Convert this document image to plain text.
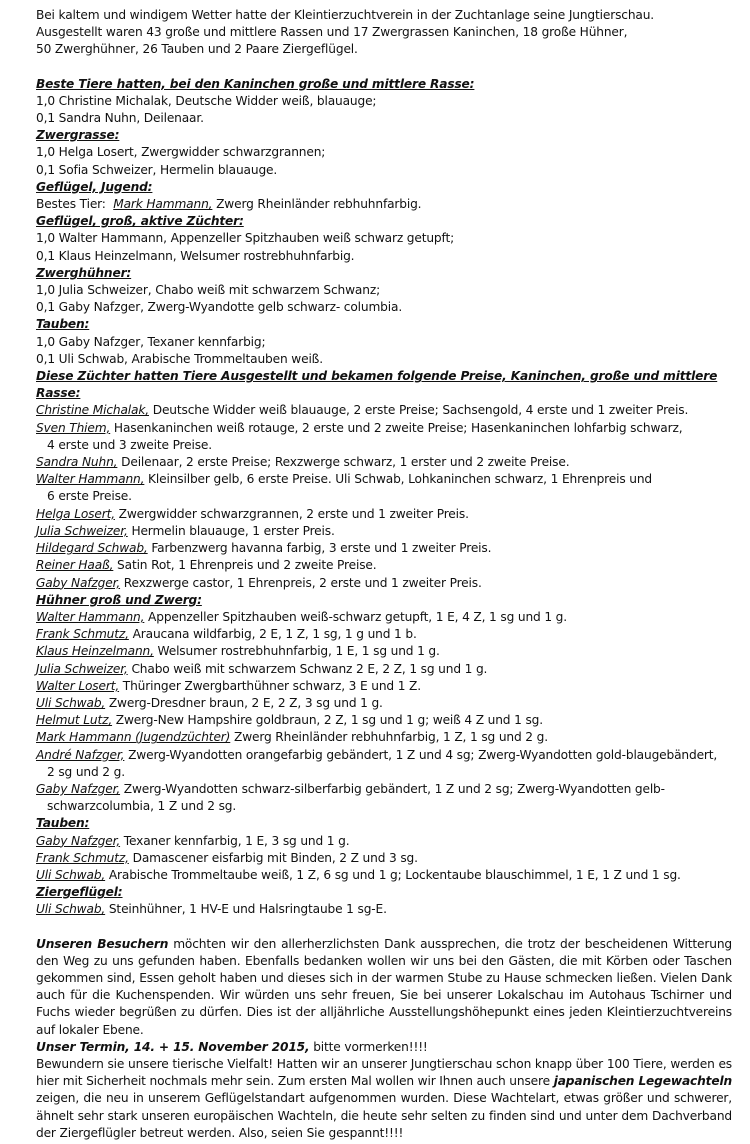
Bei kaltem und windigem Wetter hatte der Kleintierzuchtverein in der Zuchtanlage seine Jungtierschau.

Ausgestellt waren 43 große und mittlere Rassen und 17 Zwergrassen Kaninchen, 18 große Hühner,

50 Zwerghühner, 26 Tauben und 2 Paare Ziergeflügel.

Beste Tiere hatten, bei den Kaninchen große und mittlere Rasse:

1,0 Christine Michalak, Deutsche Widder weiß, blauauge;

0,1 Sandra Nuhn, Deilenaar.

Zwergrasse:

1,0 Helga Losert, Zwergwidder schwarzgrannen;

0,1 Sofia Schweizer, Hermelin blauauge.

Geflügel, Jugend:

Bestes Tier:  Mark Hammann, Zwerg Rheinländer rebhuhnfarbig.

Geflügel, groß, aktive Züchter:

1,0 Walter Hammann, Appenzeller Spitzhauben weiß schwarz getupft;

0,1 Klaus Heinzelmann, Welsumer rostrebhuhnfarbig.

Zwerghühner:

1,0 Julia Schweizer, Chabo weiß mit schwarzem Schwanz;

0,1 Gaby Nafzger, Zwerg-Wyandotte gelb schwarz- columbia.

Tauben:

1,0 Gaby Nafzger, Texaner kennfarbig;

0,1 Uli Schwab, Arabische Trommeltauben weiß.

Diese Züchter hatten Tiere Ausgestellt und bekamen folgende Preise, Kaninchen, große und mittlere Rasse:

Christine Michalak, Deutsche Widder weiß blauauge, 2 erste Preise; Sachsengold, 4 erste und 1 zweiter Preis.

Sven Thiem, Hasenkaninchen weiß rotauge, 2 erste und 2 zweite Preise; Hasenkaninchen lohfarbig schwarz,

4 erste und 3 zweite Preise.

Sandra Nuhn, Deilenaar, 2 erste Preise; Rexzwerge schwarz, 1 erster und 2 zweite Preise.

Walter Hammann, Kleinsilber gelb, 6 erste Preise. Uli Schwab, Lohkaninchen schwarz, 1 Ehrenpreis und

6 erste Preise.

Helga Losert, Zwergwidder schwarzgrannen, 2 erste und 1 zweiter Preis.

Julia Schweizer, Hermelin blauauge, 1 erster Preis.

Hildegard Schwab, Farbenzwerg havanna farbig, 3 erste und 1 zweiter Preis.

Reiner Haaß, Satin Rot, 1 Ehrenpreis und 2 zweite Preise.

Gaby Nafzger, Rexzwerge castor, 1 Ehrenpreis, 2 erste und 1 zweiter Preis.

Hühner groß und Zwerg:

Walter Hammann, Appenzeller Spitzhauben weiß-schwarz getupft, 1 E, 4 Z, 1 sg und 1 g.

Frank Schmutz, Araucana wildfarbig, 2 E, 1 Z, 1 sg, 1 g und 1 b.

Klaus Heinzelmann, Welsumer rostrebhuhnfarbig, 1 E, 1 sg und 1 g.

Julia Schweizer, Chabo weiß mit schwarzem Schwanz 2 E, 2 Z, 1 sg und 1 g.

Walter Losert, Thüringer Zwergbarthühner schwarz, 3 E und 1 Z.

Uli Schwab, Zwerg-Dresdner braun, 2 E, 2 Z, 3 sg und 1 g.

Helmut Lutz, Zwerg-New Hampshire goldbraun, 2 Z, 1 sg und 1 g; weiß 4 Z und 1 sg.

Mark Hammann (Jugendzüchter) Zwerg Rheinländer rebhuhnfarbig, 1 Z, 1 sg und 2 g.

André Nafzger, Zwerg-Wyandotten orangefarbig gebändert, 1 Z und 4 sg; Zwerg-Wyandotten gold-blaugebändert,

2 sg und 2 g.

Gaby Nafzger, Zwerg-Wyandotten schwarz-silberfarbig gebändert, 1 Z und 2 sg; Zwerg-Wyandotten gelb-

schwarzcolumbia, 1 Z und 2 sg.

Tauben:

Gaby Nafzger, Texaner kennfarbig, 1 E, 3 sg und 1 g.

Frank Schmutz, Damascener eisfarbig mit Binden, 2 Z und 3 sg.

Uli Schwab, Arabische Trommeltaube weiß, 1 Z, 6 sg und 1 g; Lockentaube blauschimmel, 1 E, 1 Z und 1 sg.

Ziergeflügel:

Uli Schwab, Steinhühner, 1 HV-E und Halsringtaube 1 sg-E.

Unseren Besuchern möchten wir den allerherzlichsten Dank aussprechen, die trotz der bescheidenen Witterung den Weg zu uns gefunden haben. Ebenfalls bedanken wollen wir uns bei den Gästen, die mit Körben oder Taschen gekommen sind, Essen geholt haben und dieses sich in der warmen Stube zu Hause schmecken ließen. Vielen Dank auch für die Kuchenspenden. Wir würden uns sehr freuen, Sie bei unserer Lokalschau im Autohaus Tschirner und Fuchs wieder begrüßen zu dürfen. Dies ist der alljährliche Ausstellungshöhepunkt eines jeden Kleintierzuchtvereins auf lokaler Ebene.

Unser Termin, 14. + 15. November 2015, bitte vormerken!!!!

Bewundern sie unsere tierische Vielfalt! Hatten wir an unserer Jungtierschau schon knapp über 100 Tiere, werden es hier mit Sicherheit nochmals mehr sein. Zum ersten Mal wollen wir Ihnen auch unsere japanischen Legewachteln zeigen, die neu in unserem Geflügelstandart aufgenommen wurden. Diese Wachtelart, etwas größer und schwerer, ähnelt sehr stark unseren europäischen Wachteln, die heute sehr selten zu finden sind und unter dem Dachverband der Ziergeflügler betreut werden. Also, seien Sie gespannt!!!!
